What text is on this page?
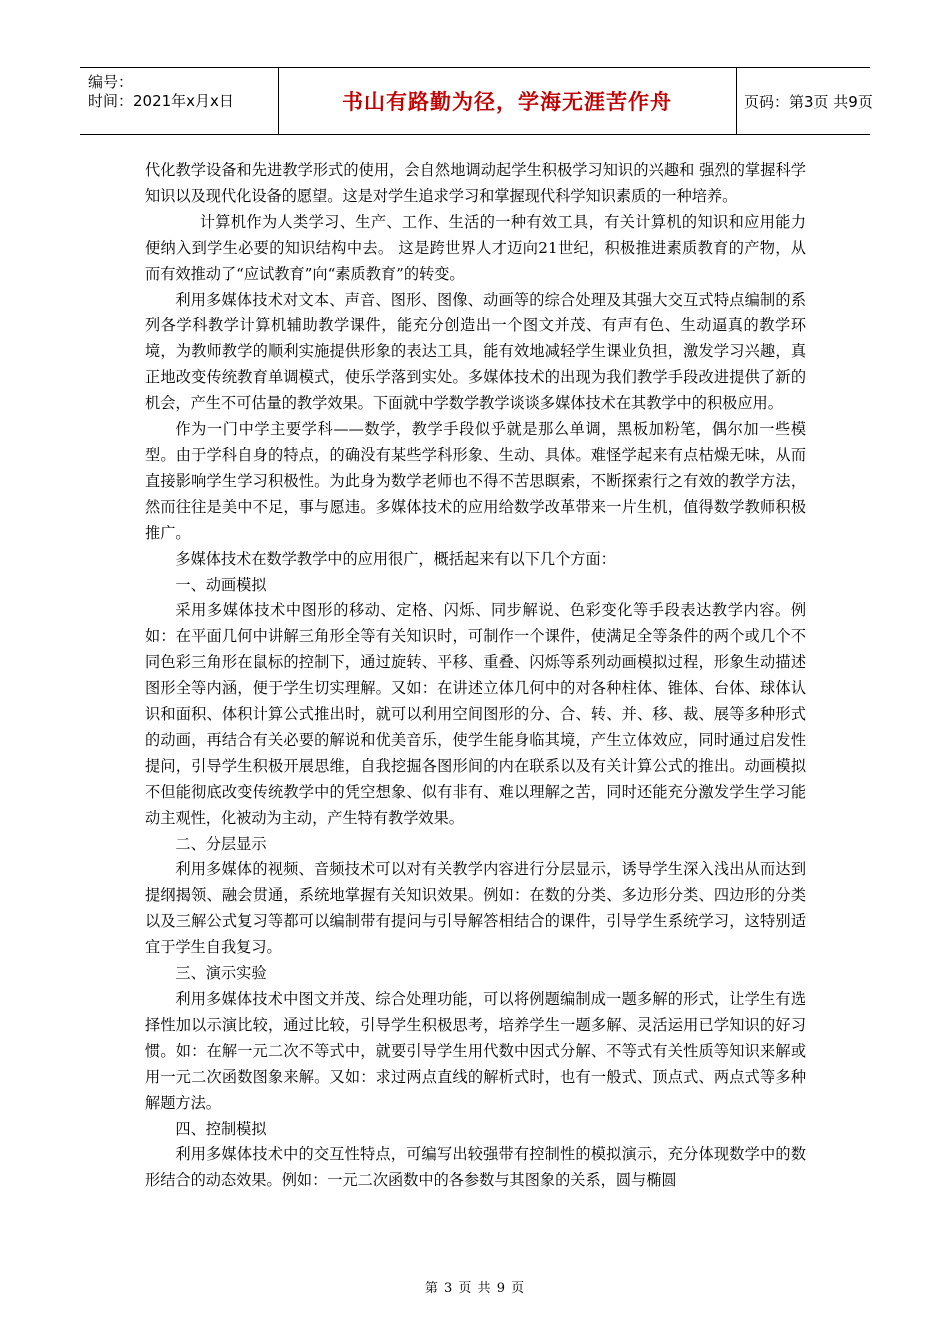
编号：
时间：2021年x月x日	书山有路勤为径，学海无涯苦作舟	页码：第3页 共9页

代化教学设备和先进教学形式的使用，会自然地调动起学生积极学习知识的兴趣和 强烈的掌握科学知识以及现代化设备的愿望。这是对学生追求学习和掌握现代科学知识素质的一种培养。

计算机作为人类学习、生产、工作、生活的一种有效工具，有关计算机的知识和应用能力便纳入到学生必要的知识结构中去。 这是跨世界人才迈向21世纪，积极推进素质教育的产物，从而有效推动了“应试教育”向“素质教育”的转变。

利用多媒体技术对文本、声音、图形、图像、动画等的综合处理及其强大交互式特点编制的系列各学科教学计算机辅助教学课件，能充分创造出一个图文并茂、有声有色、生动逼真的教学环境，为教师教学的顺利实施提供形象的表达工具，能有效地减轻学生课业负担，激发学习兴趣，真正地改变传统教育单调模式，使乐学落到实处。多媒体技术的出现为我们教学手段改进提供了新的机会，产生不可估量的教学效果。下面就中学数学教学谈谈多媒体技术在其教学中的积极应用。

作为一门中学主要学科——数学，教学手段似乎就是那么单调，黑板加粉笔，偶尔加一些模型。由于学科自身的特点，的确没有某些学科形象、生动、具体。难怪学起来有点枯燥无味，从而直接影响学生学习积极性。为此身为数学老师也不得不苦思瞑索，不断探索行之有效的教学方法，然而往往是美中不足，事与愿违。多媒体技术的应用给数学改革带来一片生机，值得数学教师积极推广。

多媒体技术在数学教学中的应用很广，概括起来有以下几个方面：

一、动画模拟

采用多媒体技术中图形的移动、定格、闪烁、同步解说、色彩变化等手段表达教学内容。例如：在平面几何中讲解三角形全等有关知识时，可制作一个课件，使满足全等条件的两个或几个不同色彩三角形在鼠标的控制下，通过旋转、平移、重叠、闪烁等系列动画模拟过程，形象生动描述图形全等内涵，便于学生切实理解。又如：在讲述立体几何中的对各种柱体、锥体、台体、球体认识和面积、体积计算公式推出时，就可以利用空间图形的分、合、转、并、移、裁、展等多种形式的动画，再结合有关必要的解说和优美音乐，使学生能身临其境，产生立体效应，同时通过启发性提问，引导学生积极开展思维，自我挖掘各图形间的内在联系以及有关计算公式的推出。动画模拟不但能彻底改变传统教学中的凭空想象、似有非有、难以理解之苦，同时还能充分激发学生学习能动主观性，化被动为主动，产生特有教学效果。

二、分层显示

利用多媒体的视频、音频技术可以对有关教学内容进行分层显示，诱导学生深入浅出从而达到提纲揭领、融会贯通，系统地掌握有关知识效果。例如：在数的分类、多边形分类、四边形的分类以及三解公式复习等都可以编制带有提问与引导解答相结合的课件，引导学生系统学习，这特别适宜于学生自我复习。

三、演示实验

利用多媒体技术中图文并茂、综合处理功能，可以将例题编制成一题多解的形式，让学生有选择性加以示演比较，通过比较，引导学生积极思考，培养学生一题多解、灵活运用已学知识的好习惯。如：在解一元二次不等式中，就要引导学生用代数中因式分解、不等式有关性质等知识来解或用一元二次函数图象来解。又如：求过两点直线的解析式时，也有一般式、顶点式、两点式等多种解题方法。

四、控制模拟

利用多媒体技术中的交互性特点，可编写出较强带有控制性的模拟演示，充分体现数学中的数形结合的动态效果。例如：一元二次函数中的各参数与其图象的关系，圆与椭圆

第 3 页 共 9 页
